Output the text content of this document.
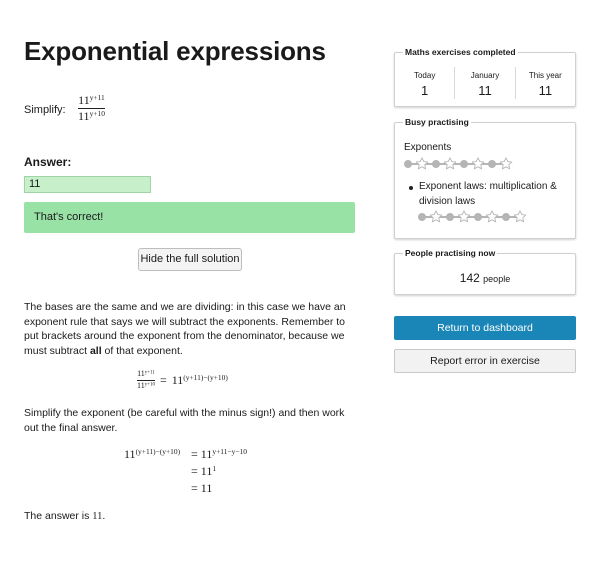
Exponential expressions
Simplify:
$11^{y+11}$
$11^{y+10}$
Answer:
11
That's correct!
Hide the full solution
The bases are the same and we are dividing: in this case we have an exponent rule that says we will subtract the exponents. Remember to put brackets around the exponent from the denominator, because we must subtract all of that exponent.
$\frac{11^{y+11}}{11^{y+10}} = 11^{(y+11)-(y+10)}$
Simplify the exponent (be careful with the minus sign!) and then work out the final answer.
$11^{(y+11)-(y+10)} = 11^{y+11-y-10}$
= $11^1$
= 11
The answer is 11.
Maths exercises completed
Today
1
January
11
This year
11
Busy practising
Exponents
Exponent laws: multiplication & division laws
People practising now
142 people
Return to dashboard
Report error in exercise
